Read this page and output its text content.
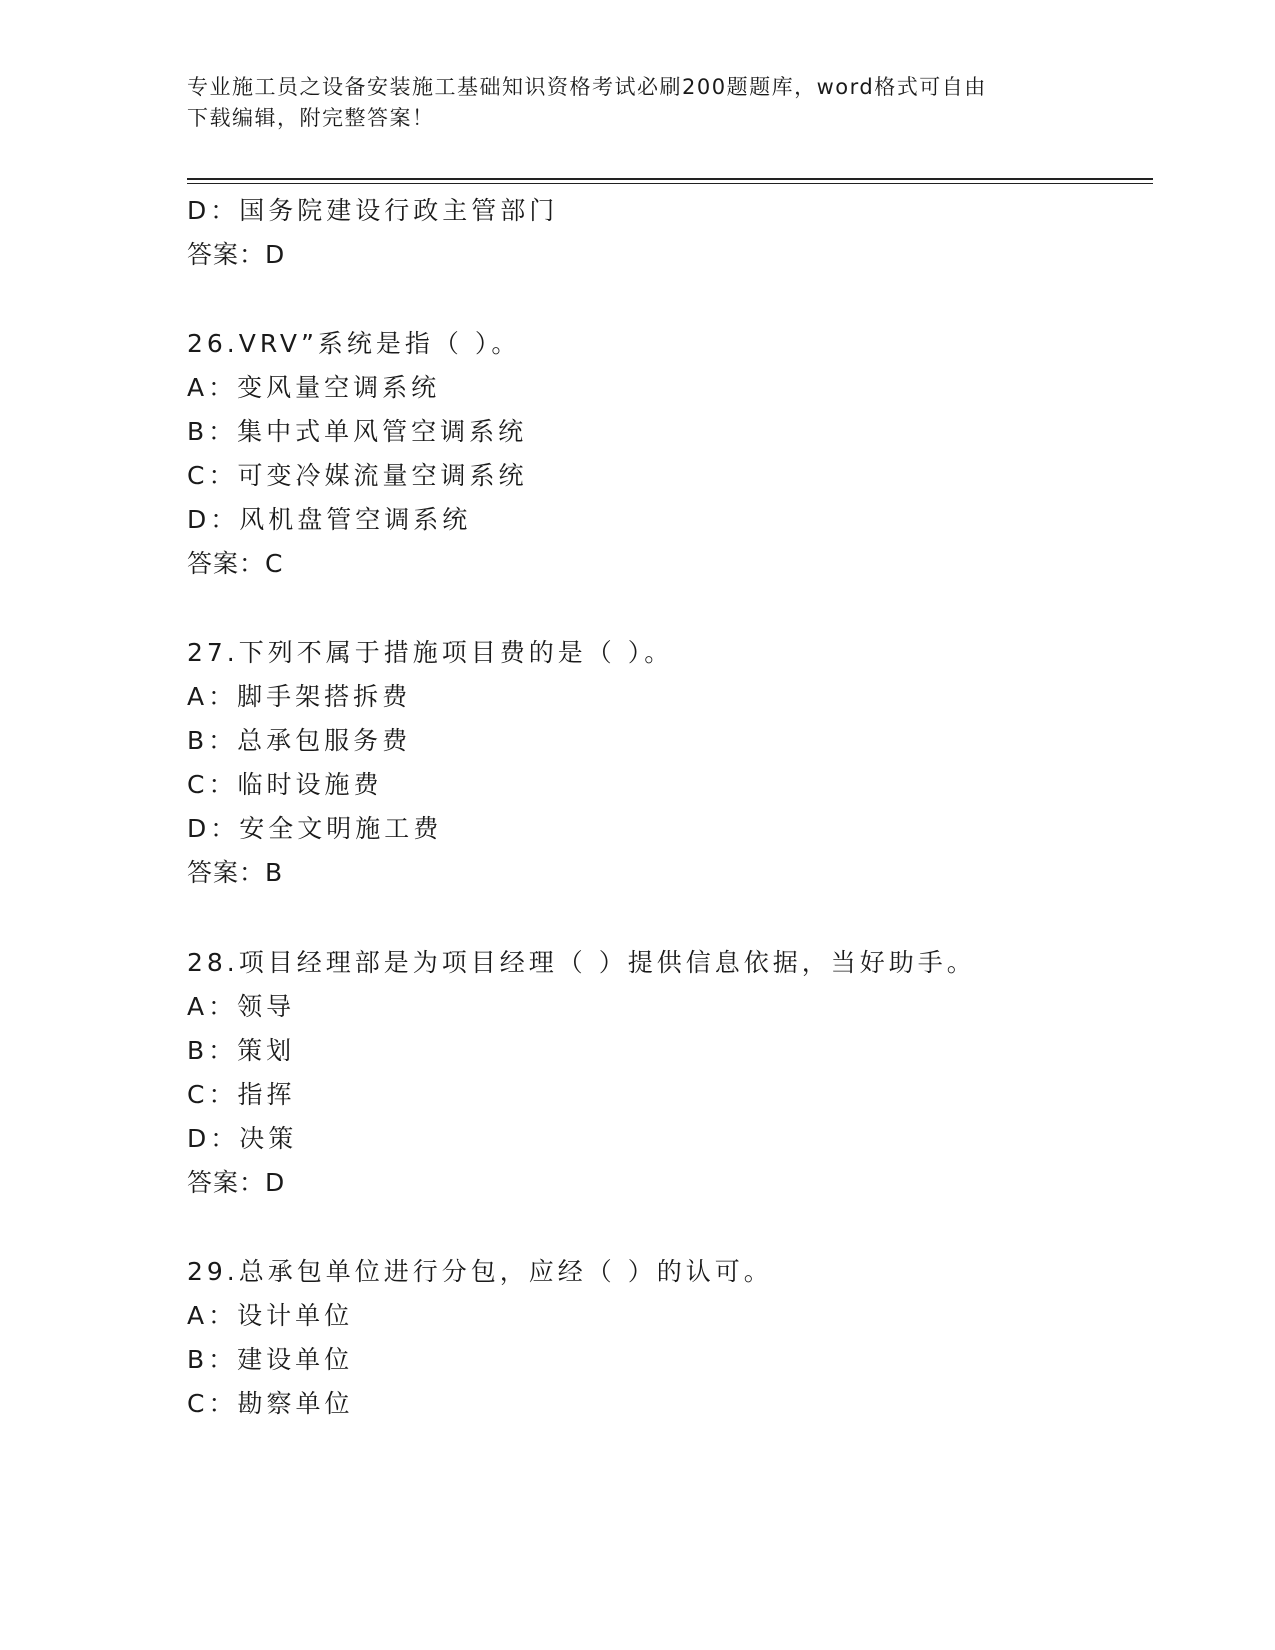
专业施工员之设备安装施工基础知识资格考试必刷200题题库，word格式可自由
下载编辑，附完整答案！
D：国务院建设行政主管部门
答案：D
26.VRV”系统是指（ ）。
A：变风量空调系统
B：集中式单风管空调系统
C：可变冷媒流量空调系统
D：风机盘管空调系统
答案：C
27.下列不属于措施项目费的是（ ）。
A：脚手架搭拆费
B：总承包服务费
C：临时设施费
D：安全文明施工费
答案：B
28.项目经理部是为项目经理（ ）提供信息依据，当好助手。
A：领导
B：策划
C：指挥
D：决策
答案：D
29.总承包单位进行分包，应经（ ）的认可。
A：设计单位
B：建设单位
C：勘察单位
